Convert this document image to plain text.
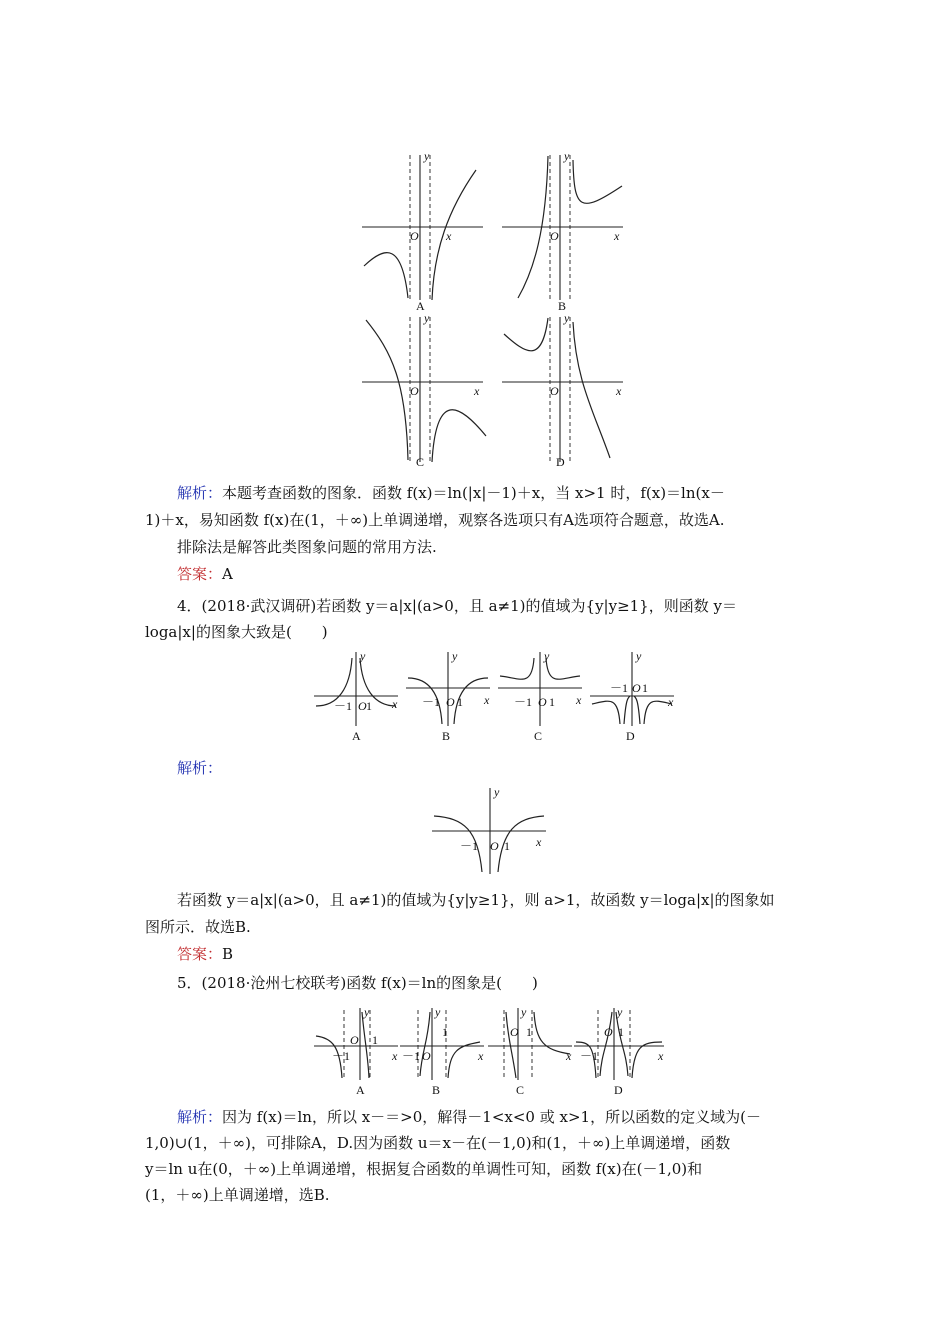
y
x
O
A
y
x
O
B
y
x
O
C
y
x
O
D
解析：本题考查函数的图象．函数 f(x)＝ln(|x|－1)＋x，当 x>1 时，f(x)＝ln(x－
1)＋x，易知函数 f(x)在(1，＋∞)上单调递增，观察各选项只有A选项符合题意，故选A.
排除法是解答此类图象问题的常用方法.
答案：A
4．(2018·武汉调研)若函数 y＝a|x|(a>0，且 a≠1)的值域为{y|y≥1}，则函数 y＝
loga|x|的图象大致是(　　)
y
x
－1 O 1
A
y
x
－1 O 1
B
y
x
－1 O 1
C
y
x
－1 O 1
D
解析：
y
x
－1 O 1
若函数 y＝a|x|(a>0，且 a≠1)的值域为{y|y≥1}，则 a>1，故函数 y＝loga|x|的图象如
图所示．故选B.
答案：B
5．(2018·沧州七校联考)函数 f(x)＝ln的图象是(　　)
y
x
－1
O 1
A
y
x
－1 O
1
B
y
x
O 1
C
y
x
－1
O 1
D
解析：因为 f(x)＝ln，所以 x－＝>0，解得－1<x<0 或 x>1，所以函数的定义域为(－
1,0)∪(1，＋∞)，可排除A，D.因为函数 u＝x－在(－1,0)和(1，＋∞)上单调递增，函数
y＝ln u在(0，＋∞)上单调递增，根据复合函数的单调性可知，函数 f(x)在(－1,0)和
(1，＋∞)上单调递增，选B.
